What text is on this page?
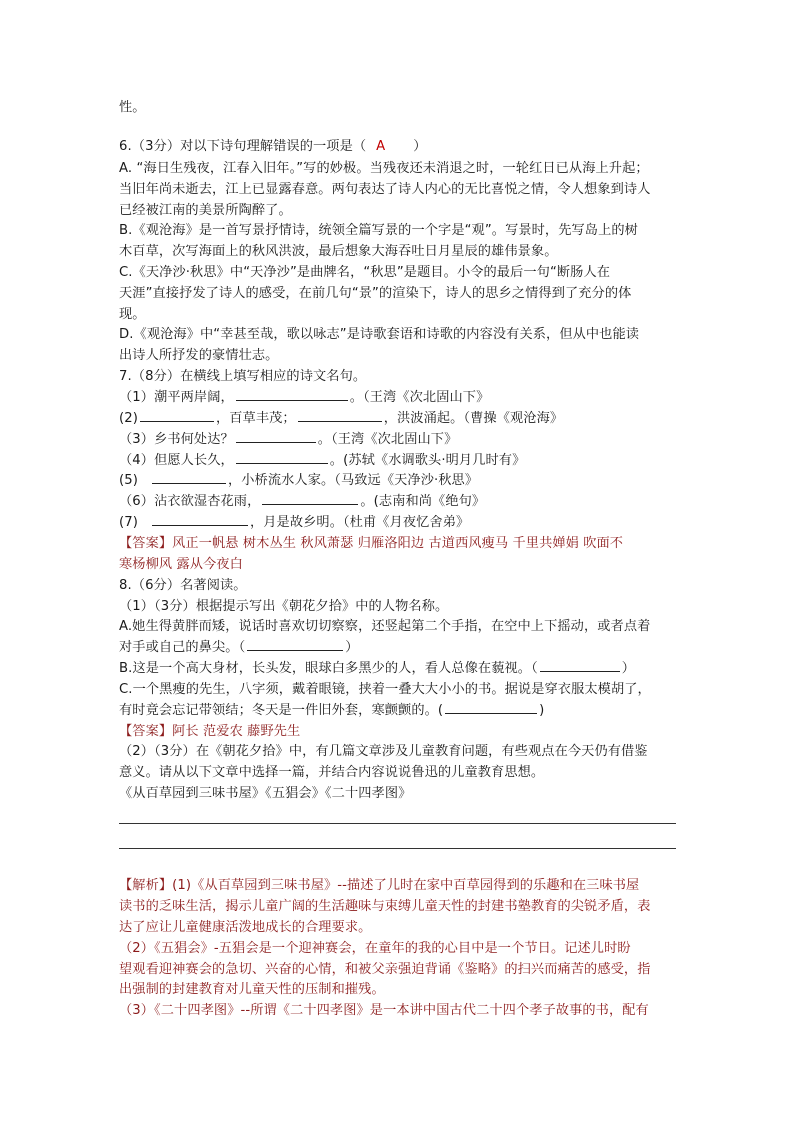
性。
6.（3分）对以下诗句理解错误的一项是（ A ）
A. “海日生残夜，江春入旧年。”写的妙极。当残夜还未消退之时，一轮红日已从海上升起；
当旧年尚未逝去，江上已显露春意。两句表达了诗人内心的无比喜悦之情，令人想象到诗人
已经被江南的美景所陶醉了。
B.《观沧海》是一首写景抒情诗，统领全篇写景的一个字是“观”。写景时，先写岛上的树
木百草，次写海面上的秋风洪波，最后想象大海吞吐日月星辰的雄伟景象。
C.《天净沙·秋思》中“天净沙”是曲牌名，“秋思”是题目。小令的最后一句“断肠人在
天涯”直接抒发了诗人的感受，在前几句“景”的渲染下，诗人的思乡之情得到了充分的体
现。
D.《观沧海》中“幸甚至哉，歌以咏志”是诗歌套语和诗歌的内容没有关系，但从中也能读
出诗人所抒发的豪情壮志。
7.（8分）在横线上填写相应的诗文名句。
（1）潮平两岸阔，	。（王湾《次北固山下》
(2)	，百草丰茂；	，洪波涌起。（曹操《观沧海》
（3）乡书何处达？	。（王湾《次北固山下》
（4）但愿人长久，	。(苏轼《水调歌头·明月几时有》
(5)	，小桥流水人家。（马致远《天净沙·秋思》
（6）沾衣欲湿杏花雨，	。(志南和尚《绝句》
(7)	，月是故乡明。（杜甫《月夜忆舍弟》
【答案】风正一帆悬 树木丛生 秋风萧瑟 归雁洛阳边 古道西风瘦马 千里共婵娟 吹面不
寒杨柳风 露从今夜白
8.（6分）名著阅读。
（1）（3分）根据提示写出《朝花夕拾》中的人物名称。
A.她生得黄胖而矮，说话时喜欢切切察察，还竖起第二个手指，在空中上下摇动，或者点着
对手或自己的鼻尖。（	）
B.这是一个高大身材，长头发，眼球白多黑少的人，看人总像在藐视。（	）
C.一个黑瘦的先生，八字须，戴着眼镜，挟着一叠大大小小的书。据说是穿衣服太模胡了，
有时竟会忘记带领结；冬天是一件旧外套，寒颤颤的。(	)
【答案】阿长 范爱农 藤野先生
（2）（3分）在《朝花夕拾》中，有几篇文章涉及儿童教育问题，有些观点在今天仍有借鉴
意义。请从以下文章中选择一篇，并结合内容说说鲁迅的儿童教育思想。
《从百草园到三味书屋》《五猖会》《二十四孝图》
【解析】(1)《从百草园到三味书屋》--描述了儿时在家中百草园得到的乐趣和在三味书屋
读书的乏味生活，揭示儿童广阔的生活趣味与束缚儿童天性的封建书塾教育的尖锐矛盾，表
达了应让儿童健康活泼地成长的合理要求。
（2）《五猖会》-五猖会是一个迎神赛会，在童年的我的心目中是一个节日。记述儿时盼
望观看迎神赛会的急切、兴奋的心情，和被父亲强迫背诵《鉴略》的扫兴而痛苦的感受，指
出强制的封建教育对儿童天性的压制和摧残。
（3）《二十四孝图》--所谓《二十四孝图》是一本讲中国古代二十四个孝子故事的书，配有
